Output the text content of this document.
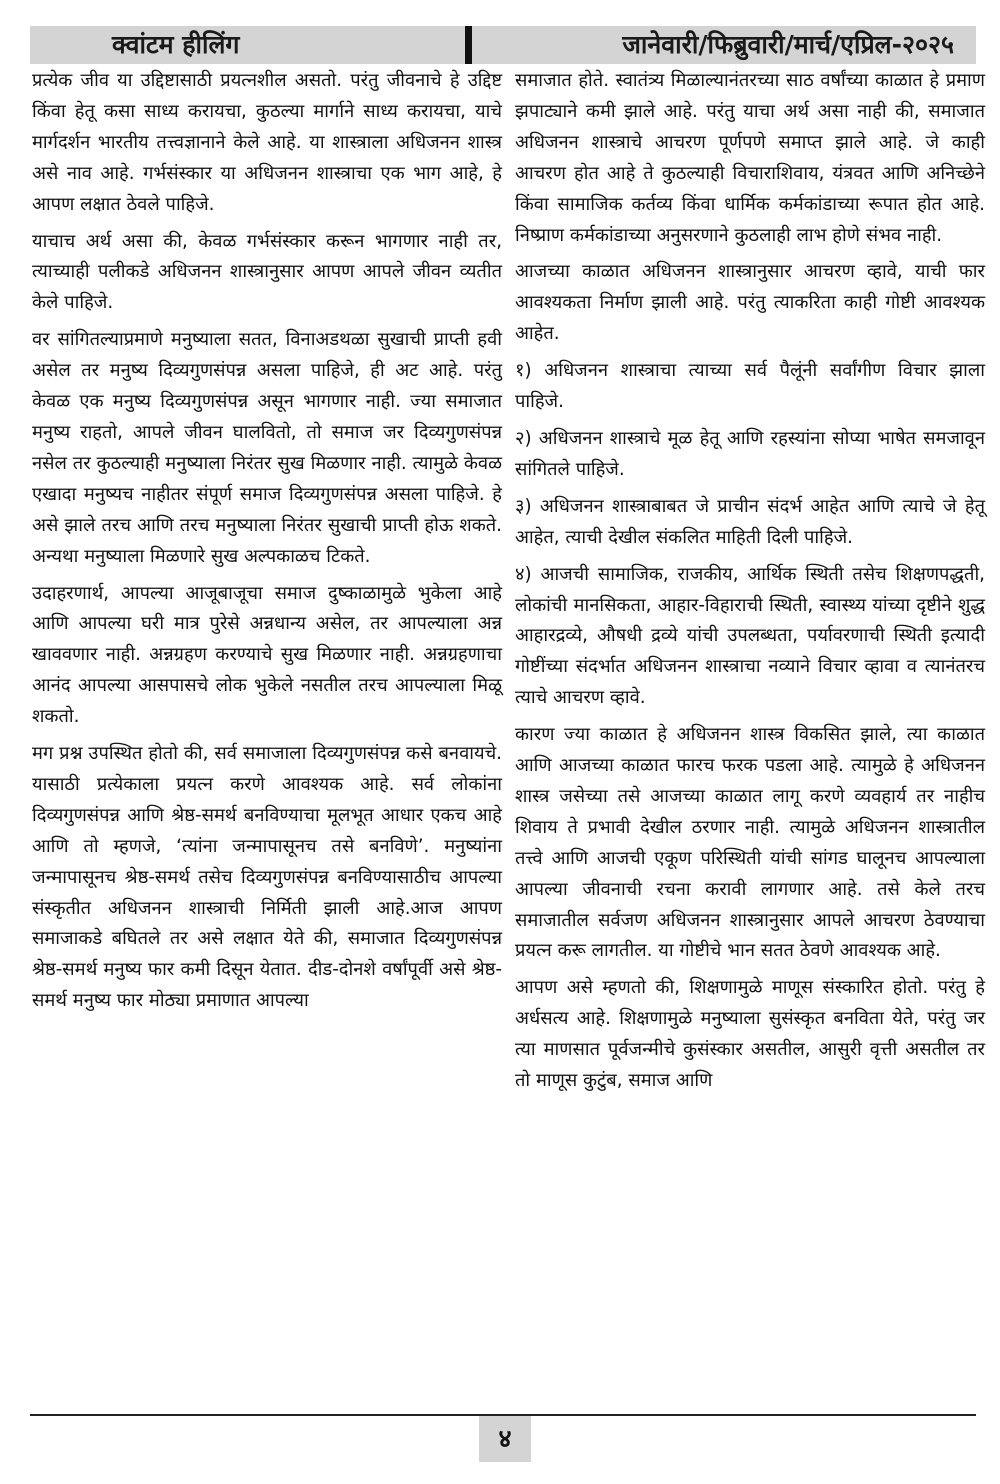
क्वांटम हीलिंग	जानेवारी/फिब्रुवारी/मार्च/एप्रिल-२०२५

प्रत्येक जीव या उद्दिष्टासाठी प्रयत्नशील असतो. परंतु जीवनाचे हे उद्दिष्ट किंवा हेतू कसा साध्य करायचा, कुठल्या मार्गाने साध्य करायचा, याचे मार्गदर्शन भारतीय तत्त्वज्ञानाने केले आहे. या शास्त्राला अधिजनन शास्त्र असे नाव आहे. गर्भसंस्कार या अधिजनन शास्त्राचा एक भाग आहे, हे आपण लक्षात ठेवले पाहिजे.

याचाच अर्थ असा की, केवळ गर्भसंस्कार करून भागणार नाही तर, त्याच्याही पलीकडे अधिजनन शास्त्रानुसार आपण आपले जीवन व्यतीत केले पाहिजे.

वर सांगितल्याप्रमाणे मनुष्याला सतत, विनाअडथळा सुखाची प्राप्ती हवी असेल तर मनुष्य दिव्यगुणसंपन्न असला पाहिजे, ही अट आहे. परंतु केवळ एक मनुष्य दिव्यगुणसंपन्न असून भागणार नाही. ज्या समाजात मनुष्य राहतो, आपले जीवन घालवितो, तो समाज जर दिव्यगुणसंपन्न नसेल तर कुठल्याही मनुष्याला निरंतर सुख मिळणार नाही. त्यामुळे केवळ एखादा मनुष्यच नाहीतर संपूर्ण समाज दिव्यगुणसंपन्न असला पाहिजे. हे असे झाले तरच आणि तरच मनुष्याला निरंतर सुखाची प्राप्ती होऊ शकते. अन्यथा मनुष्याला मिळणारे सुख अल्पकाळच टिकते.

उदाहरणार्थ, आपल्या आजूबाजूचा समाज दुष्काळामुळे भुकेला आहे आणि आपल्या घरी मात्र पुरेसे अन्नधान्य असेल, तर आपल्याला अन्न खाववणार नाही. अन्नग्रहण करण्याचे सुख मिळणार नाही. अन्नग्रहणाचा आनंद आपल्या आसपासचे लोक भुकेले नसतील तरच आपल्याला मिळू शकतो.

मग प्रश्न उपस्थित होतो की, सर्व समाजाला दिव्यगुणसंपन्न कसे बनवायचे. यासाठी प्रत्येकाला प्रयत्न करणे आवश्यक आहे. सर्व लोकांना दिव्यगुणसंपन्न आणि श्रेष्ठ-समर्थ बनविण्याचा मूलभूत आधार एकच आहे आणि तो म्हणजे, ‘त्यांना जन्मापासूनच तसे बनविणे’. मनुष्यांना जन्मापासूनच श्रेष्ठ-समर्थ तसेच दिव्यगुणसंपन्न बनविण्यासाठीच आपल्या संस्कृतीत अधिजनन शास्त्राची निर्मिती झाली आहे.आज आपण समाजाकडे बघितले तर असे लक्षात येते की, समाजात दिव्यगुणसंपन्न श्रेष्ठ-समर्थ मनुष्य फार कमी दिसून येतात. दीड-दोनशे वर्षांपूर्वी असे श्रेष्ठ-समर्थ मनुष्य फार मोठ्या प्रमाणात आपल्या

समाजात होते. स्वातंत्र्य मिळाल्यानंतरच्या साठ वर्षांच्या काळात हे प्रमाण झपाट्याने कमी झाले आहे. परंतु याचा अर्थ असा नाही की, समाजात अधिजनन शास्त्राचे आचरण पूर्णपणे समाप्त झाले आहे. जे काही आचरण होत आहे ते कुठल्याही विचाराशिवाय, यंत्रवत आणि अनिच्छेने किंवा सामाजिक कर्तव्य किंवा धार्मिक कर्मकांडाच्या रूपात होत आहे. निष्प्राण कर्मकांडाच्या अनुसरणाने कुठलाही लाभ होणे संभव नाही.

आजच्या काळात अधिजनन शास्त्रानुसार आचरण व्हावे, याची फार आवश्यकता निर्माण झाली आहे. परंतु त्याकरिता काही गोष्टी आवश्यक आहेत.

१) अधिजनन शास्त्राचा त्याच्या सर्व पैलूंनी सर्वांगीण विचार झाला पाहिजे.

२) अधिजनन शास्त्राचे मूळ हेतू आणि रहस्यांना सोप्या भाषेत समजावून सांगितले पाहिजे.

३) अधिजनन शास्त्राबाबत जे प्राचीन संदर्भ आहेत आणि त्याचे जे हेतू आहेत, त्याची देखील संकलित माहिती दिली पाहिजे.

४) आजची सामाजिक, राजकीय, आर्थिक स्थिती तसेच शिक्षणपद्धती, लोकांची मानसिकता, आहार-विहाराची स्थिती, स्वास्थ्य यांच्या दृष्टीने शुद्ध आहारद्रव्ये, औषधी द्रव्ये यांची उपलब्धता, पर्यावरणाची स्थिती इत्यादी गोष्टींच्या संदर्भात अधिजनन शास्त्राचा नव्याने विचार व्हावा व त्यानंतरच त्याचे आचरण व्हावे.

कारण ज्या काळात हे अधिजनन शास्त्र विकसित झाले, त्या काळात आणि आजच्या काळात फारच फरक पडला आहे. त्यामुळे हे अधिजनन शास्त्र जसेच्या तसे आजच्या काळात लागू करणे व्यवहार्य तर नाहीच शिवाय ते प्रभावी देखील ठरणार नाही. त्यामुळे अधिजनन शास्त्रातील तत्त्वे आणि आजची एकूण परिस्थिती यांची सांगड घालूनच आपल्याला आपल्या जीवनाची रचना करावी लागणार आहे. तसे केले तरच समाजातील सर्वजण अधिजनन शास्त्रानुसार आपले आचरण ठेवण्याचा प्रयत्न करू लागतील. या गोष्टीचे भान सतत ठेवणे आवश्यक आहे.

आपण असे म्हणतो की, शिक्षणामुळे माणूस संस्कारित होतो. परंतु हे अर्धसत्य आहे. शिक्षणामुळे मनुष्याला सुसंस्कृत बनविता येते, परंतु जर त्या माणसात पूर्वजन्मीचे कुसंस्कार असतील, आसुरी वृत्ती असतील तर तो माणूस कुटुंब, समाज आणि

४
